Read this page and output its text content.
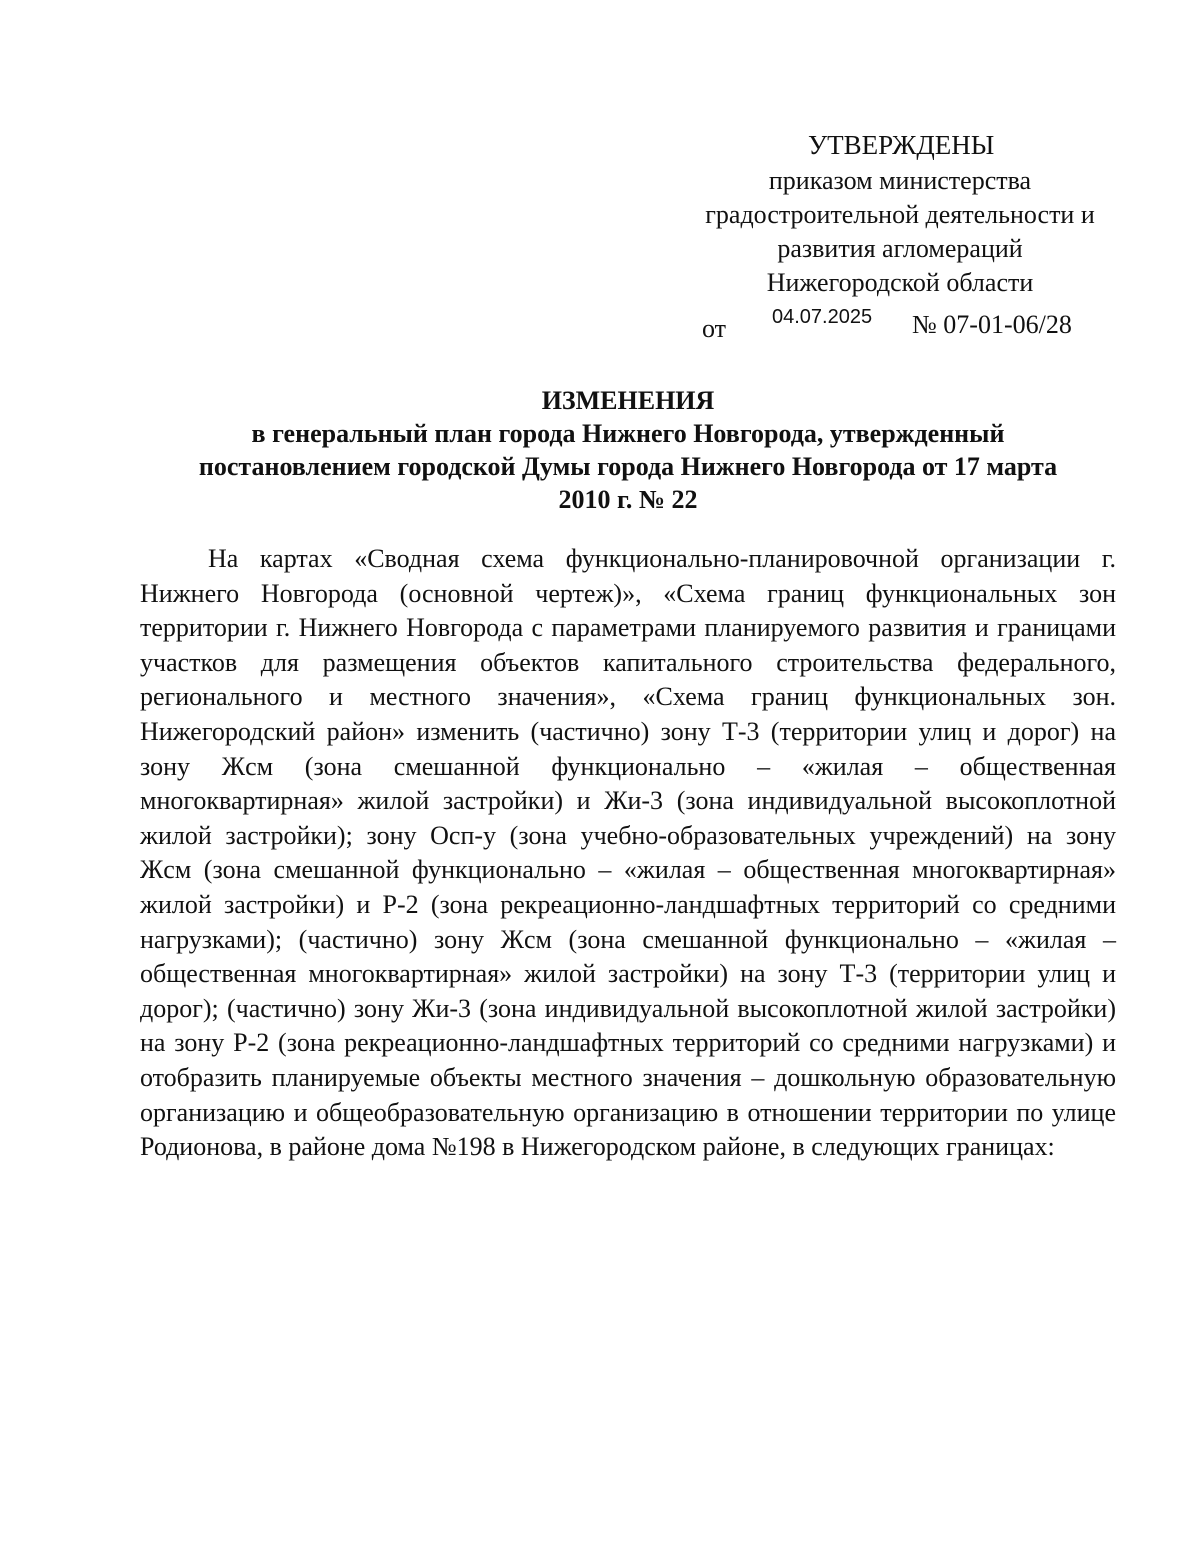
УТВЕРЖДЕНЫ
приказом министерства
градостроительной деятельности и
развития агломераций
Нижегородской области
от 04.07.2025 № 07-01-06/28
ИЗМЕНЕНИЯ
в генеральный план города Нижнего Новгорода, утвержденный
постановлением городской Думы города Нижнего Новгорода от 17 марта
2010 г. № 22

На картах «Сводная схема функционально-планировочной организации г. Нижнего Новгорода (основной чертеж)», «Схема границ функциональных зон территории г. Нижнего Новгорода с параметрами планируемого развития и границами участков для размещения объектов капитального строительства федерального, регионального и местного значения», «Схема границ функциональных зон. Нижегородский район» изменить (частично) зону Т-3 (территории улиц и дорог) на зону Жсм (зона смешанной функционально – «жилая – общественная многоквартирная» жилой застройки) и Жи-3 (зона индивидуальной высокоплотной жилой застройки); зону Осп-у (зона учебно-образовательных учреждений) на зону Жсм (зона смешанной функционально – «жилая – общественная многоквартирная» жилой застройки) и Р-2 (зона рекреационно-ландшафтных территорий со средними нагрузками); (частично) зону Жсм (зона смешанной функционально – «жилая – общественная многоквартирная» жилой застройки) на зону Т-3 (территории улиц и дорог); (частично) зону Жи-3 (зона индивидуальной высокоплотной жилой застройки) на зону Р-2 (зона рекреационно-ландшафтных территорий со средними нагрузками) и отобразить планируемые объекты местного значения – дошкольную образовательную организацию и общеобразовательную организацию в отношении территории по улице Родионова, в районе дома №198 в Нижегородском районе, в следующих границах:
